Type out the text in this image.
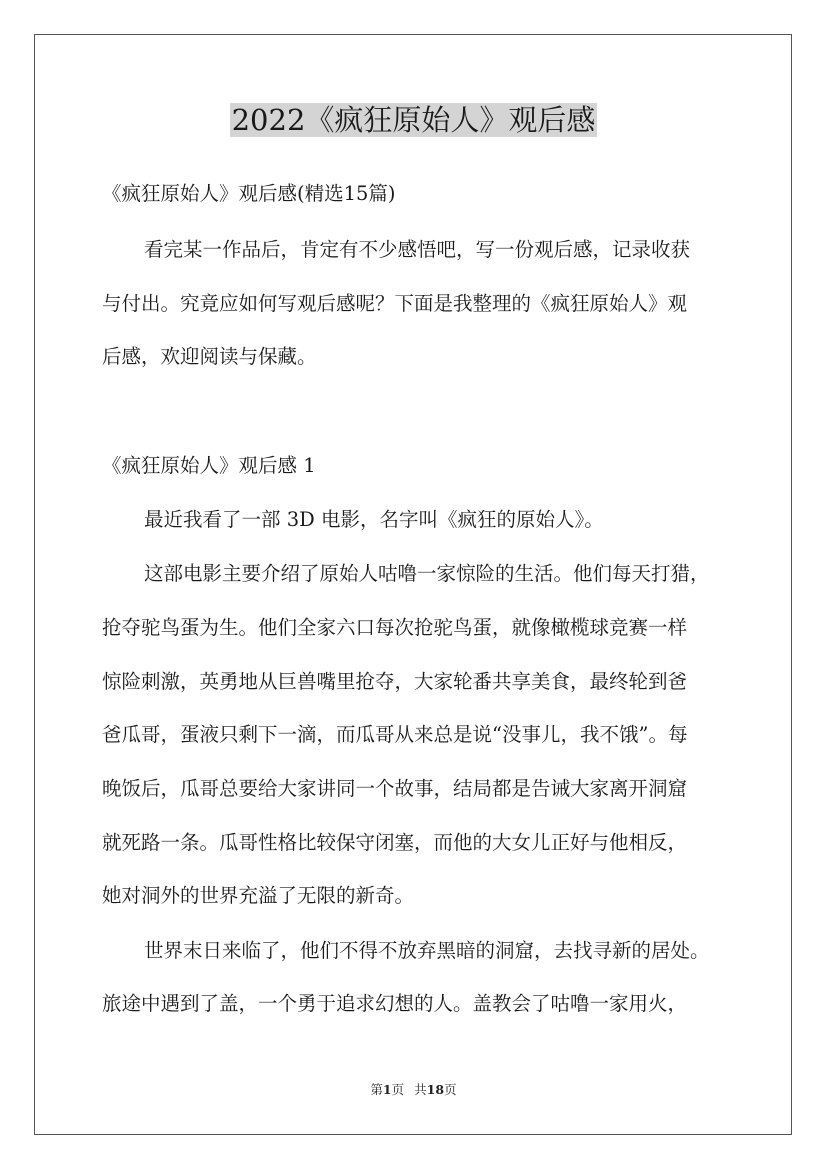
2022《疯狂原始人》观后感

《疯狂原始人》观后感(精选15篇)

看完某一作品后，肯定有不少感悟吧，写一份观后感，记录收获

与付出。究竟应如何写观后感呢？下面是我整理的《疯狂原始人》观

后感，欢迎阅读与保藏。

《疯狂原始人》观后感 1

最近我看了一部 3D 电影，名字叫《疯狂的原始人》。

这部电影主要介绍了原始人咕噜一家惊险的生活。他们每天打猎，

抢夺驼鸟蛋为生。他们全家六口每次抢驼鸟蛋，就像橄榄球竞赛一样

惊险刺激，英勇地从巨兽嘴里抢夺，大家轮番共享美食，最终轮到爸

爸瓜哥，蛋液只剩下一滴，而瓜哥从来总是说“没事儿，我不饿”。每

晚饭后，瓜哥总要给大家讲同一个故事，结局都是告诫大家离开洞窟

就死路一条。瓜哥性格比较保守闭塞，而他的大女儿正好与他相反，

她对洞外的世界充溢了无限的新奇。

世界末日来临了，他们不得不放弃黑暗的洞窟，去找寻新的居处。

旅途中遇到了盖，一个勇于追求幻想的人。盖教会了咕噜一家用火，

第1页 共18页
